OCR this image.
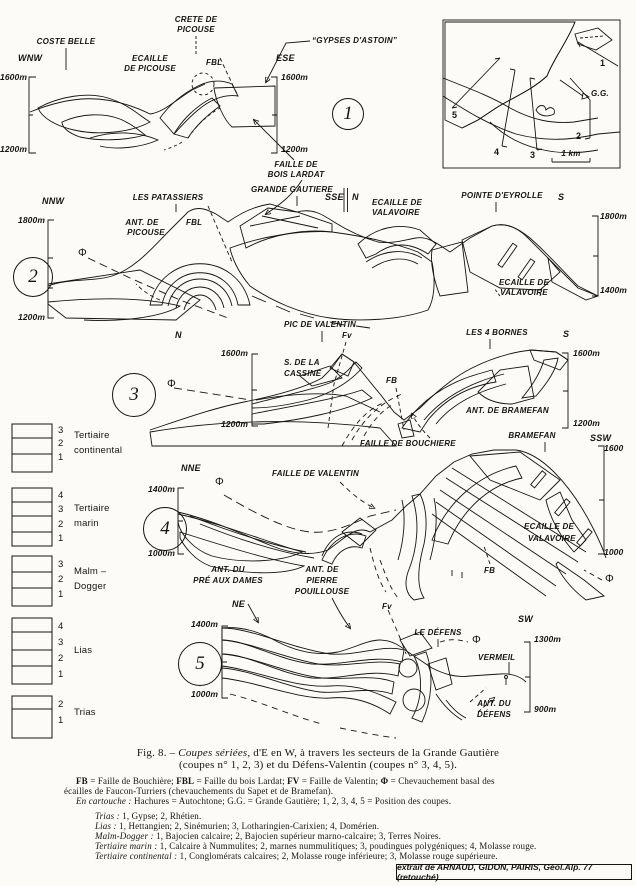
1
2
3
4
5
WNW
COSTE BELLE
CRETE DE
PICOUSE
“GYPSES D'ASTOIN”
ECAILLE
DE PICOUSE
FBL	ESE
1600m
1200m
1600m
1200m
FAILLE DE
BOIS LARDAT
NNW
1800m
1200m
Φ
ANT. DE
PICOUSE
LES PATASSIERS
FBL
GRANDE GAUTIERE
SSE N
ECAILLE DE
VALAVOIRE
POINTE D'EYROLLE S
1800m
1400m
ECAILLE DE
VALAVOIRE
N
PIC DE VALENTIN
Fv
1600m
1200m
Φ
S. DE LA
CASSINE
LES 4 BORNES	S
1600m
1200m
FB
ANT. DE BRAMEFAN
FAILLE DE BOUCHIERE
NNE
Φ
1400m
1000m
FAILLE DE VALENTIN
BRAMEFAN	SSW
1600
1000
ECAILLE DE
VALAVOIRE
FB
Φ
ANT. DU
PRÉ AUX DAMES
ANT. DE
PIERRE
POUILLOUSE
NE	Fv
1400m
1000m
LE DÉFENS
Φ
SW
1300m
900m
VERMEIL
ANT. DU
DÉFENS
1
2
3
4
5
G.G.
1 km
3
2
1
Tertiaire
continental
4
3
2
1
Tertiaire
marin
3
2
1
Malm –
Dogger
4
3
2
1
Lias
2
1
Trias
Fig. 8. – Coupes sériées, d'E en W, à travers les secteurs de la Grande Gautière
(coupes n° 1, 2, 3) et du Défens-Valentin (coupes n° 3, 4, 5).
FB = Faille de Bouchière; FBL = Faille du bois Lardat; FV = Faille de Valentin; Φ = Chevauchement basal des
écailles de Faucon-Turriers (chevauchements du Sapet et de Bramefan).
En cartouche : Hachures = Autochtone; G.G. = Grande Gautière; 1, 2, 3, 4, 5 = Position des coupes.
Trias : 1, Gypse; 2, Rhétien.
Lias : 1, Hettangien; 2, Sinémurien; 3, Lotharingien-Carixien; 4, Domérien.
Malm-Dogger : 1, Bajocien calcaire; 2, Bajocien supérieur marno-calcaire; 3, Terres Noires.
Tertiaire marin : 1, Calcaire à Nummulites; 2, marnes nummulitiques; 3, poudingues polygéniques; 4, Molasse rouge.
Tertiaire continental : 1, Conglomérats calcaires; 2, Molasse rouge inférieure; 3, Molasse rouge supérieure.
extrait de ARNAUD, GIDON, PAIRIS, Géol.Alp. 77 (retouché)
